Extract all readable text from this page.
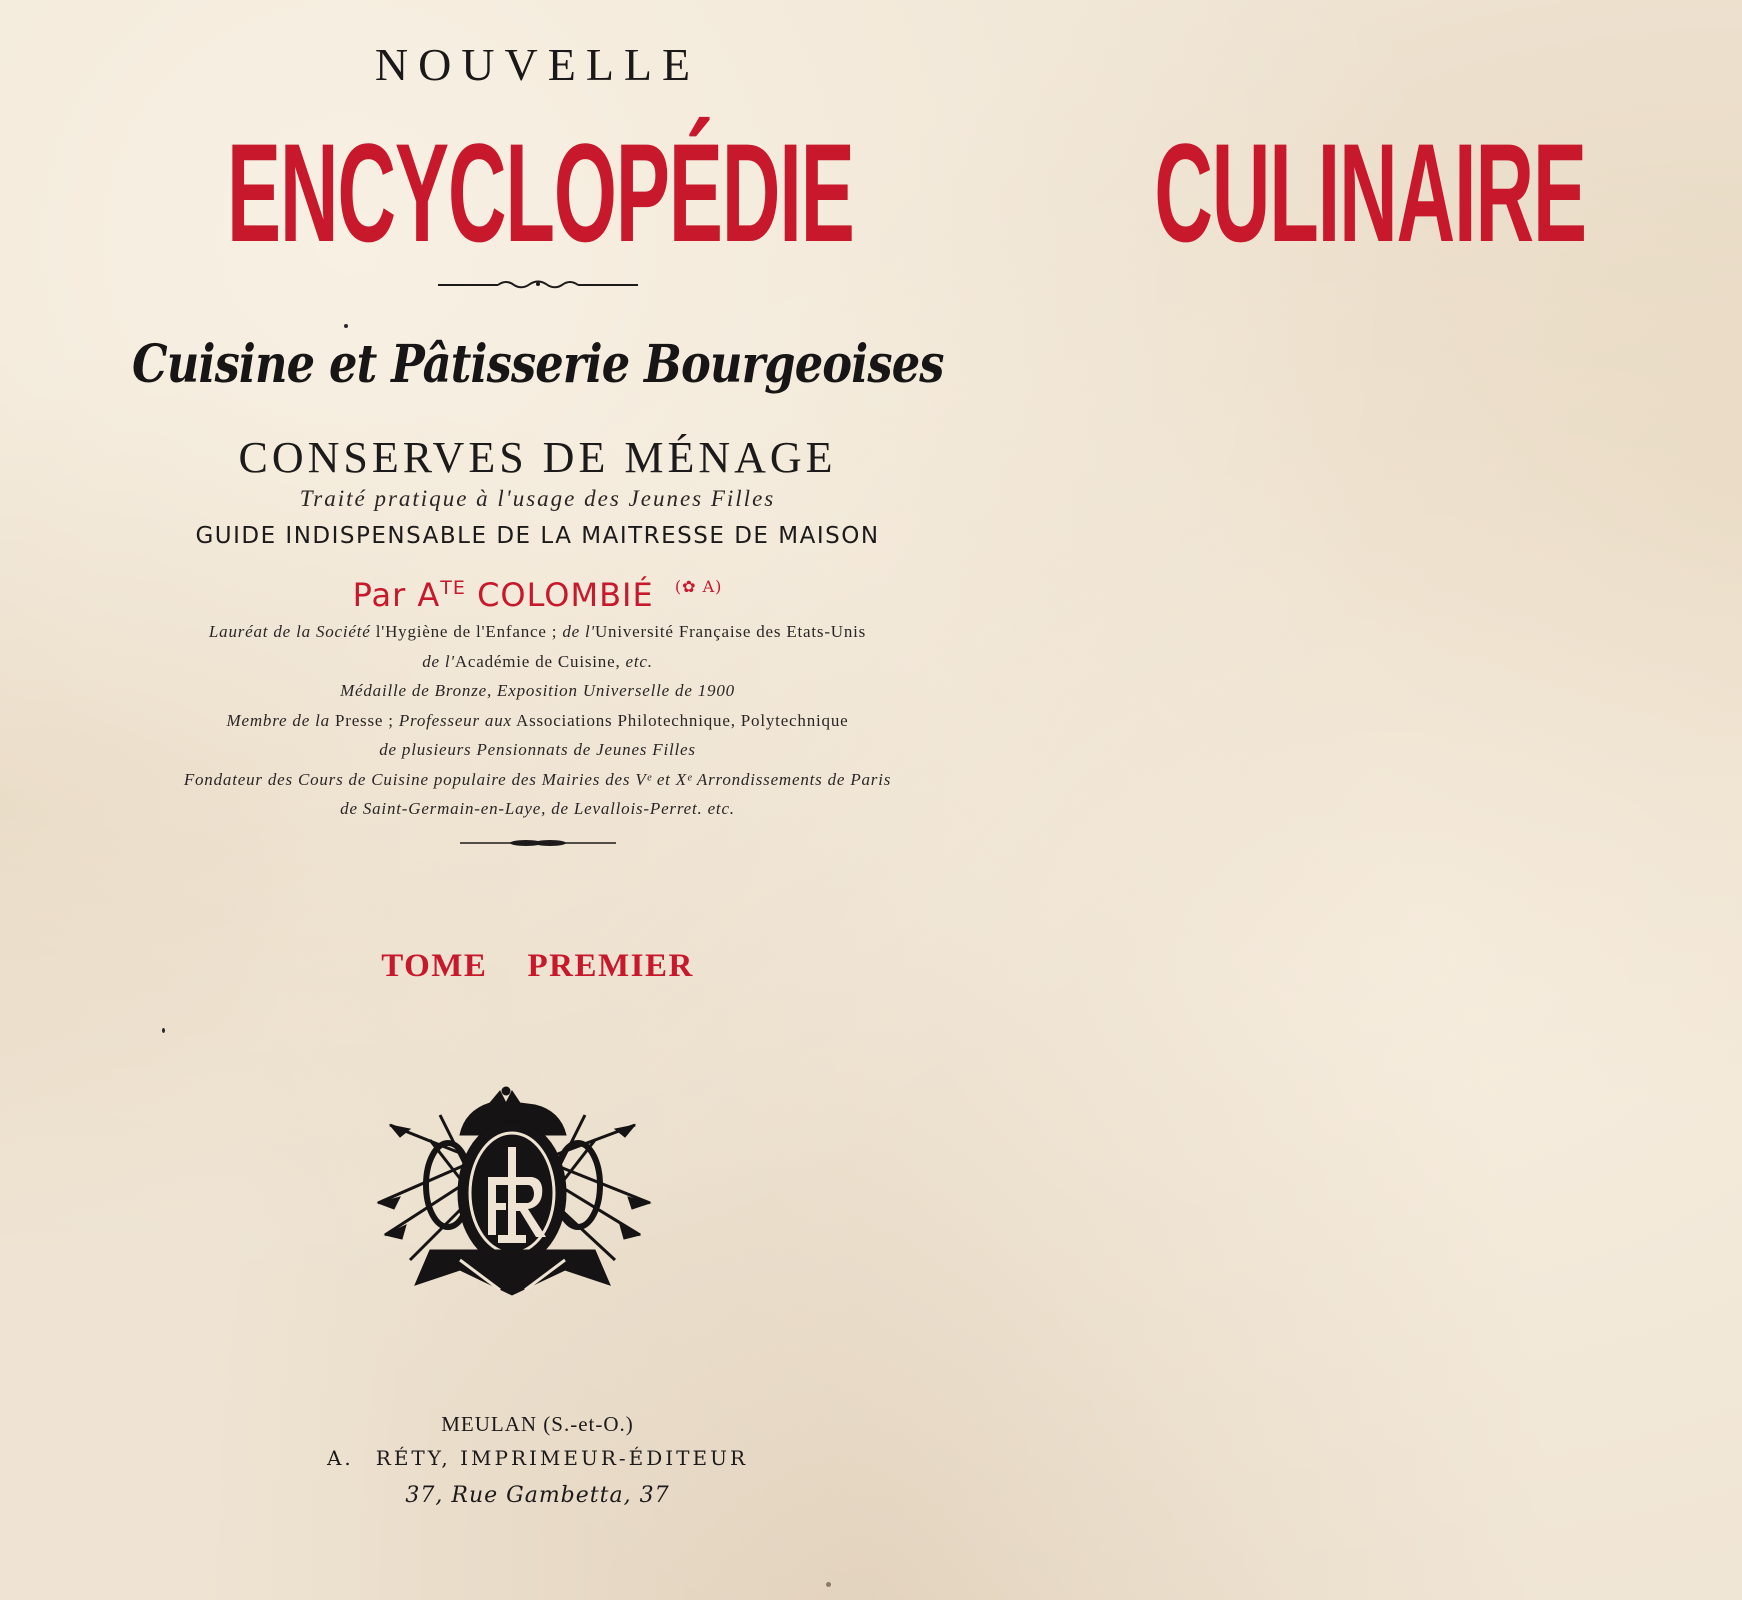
NOUVELLE
ENCYCLOPÉDIE CULINAIRE
Cuisine et Pâtisserie Bourgeoises
CONSERVES DE MÉNAGE
Traité pratique à l'usage des Jeunes Filles
GUIDE INDISPENSABLE DE LA MAITRESSE DE MAISON
Par $A^{TE}$ COLOMBIÉ $^{(✿ A)}$
Lauréat de la Société l'Hygiène de l'Enfance ; de l'Université Française des Etats-Unis
de l'Académie de Cuisine, etc.
Médaille de Bronze, Exposition Universelle de 1900
Membre de la Presse ; Professeur aux Associations Philotechnique, Polytechnique
de plusieurs Pensionnats de Jeunes Filles
Fondateur des Cours de Cuisine populaire des Mairies des Vᵉ et Xᵉ Arrondissements de Paris
de Saint-Germain-en-Laye, de Levallois-Perret. etc.
TOME PREMIER
MEULAN (S.-et-O.)
A. RÉTY, IMPRIMEUR-ÉDITEUR
37, Rue Gambetta, 37
